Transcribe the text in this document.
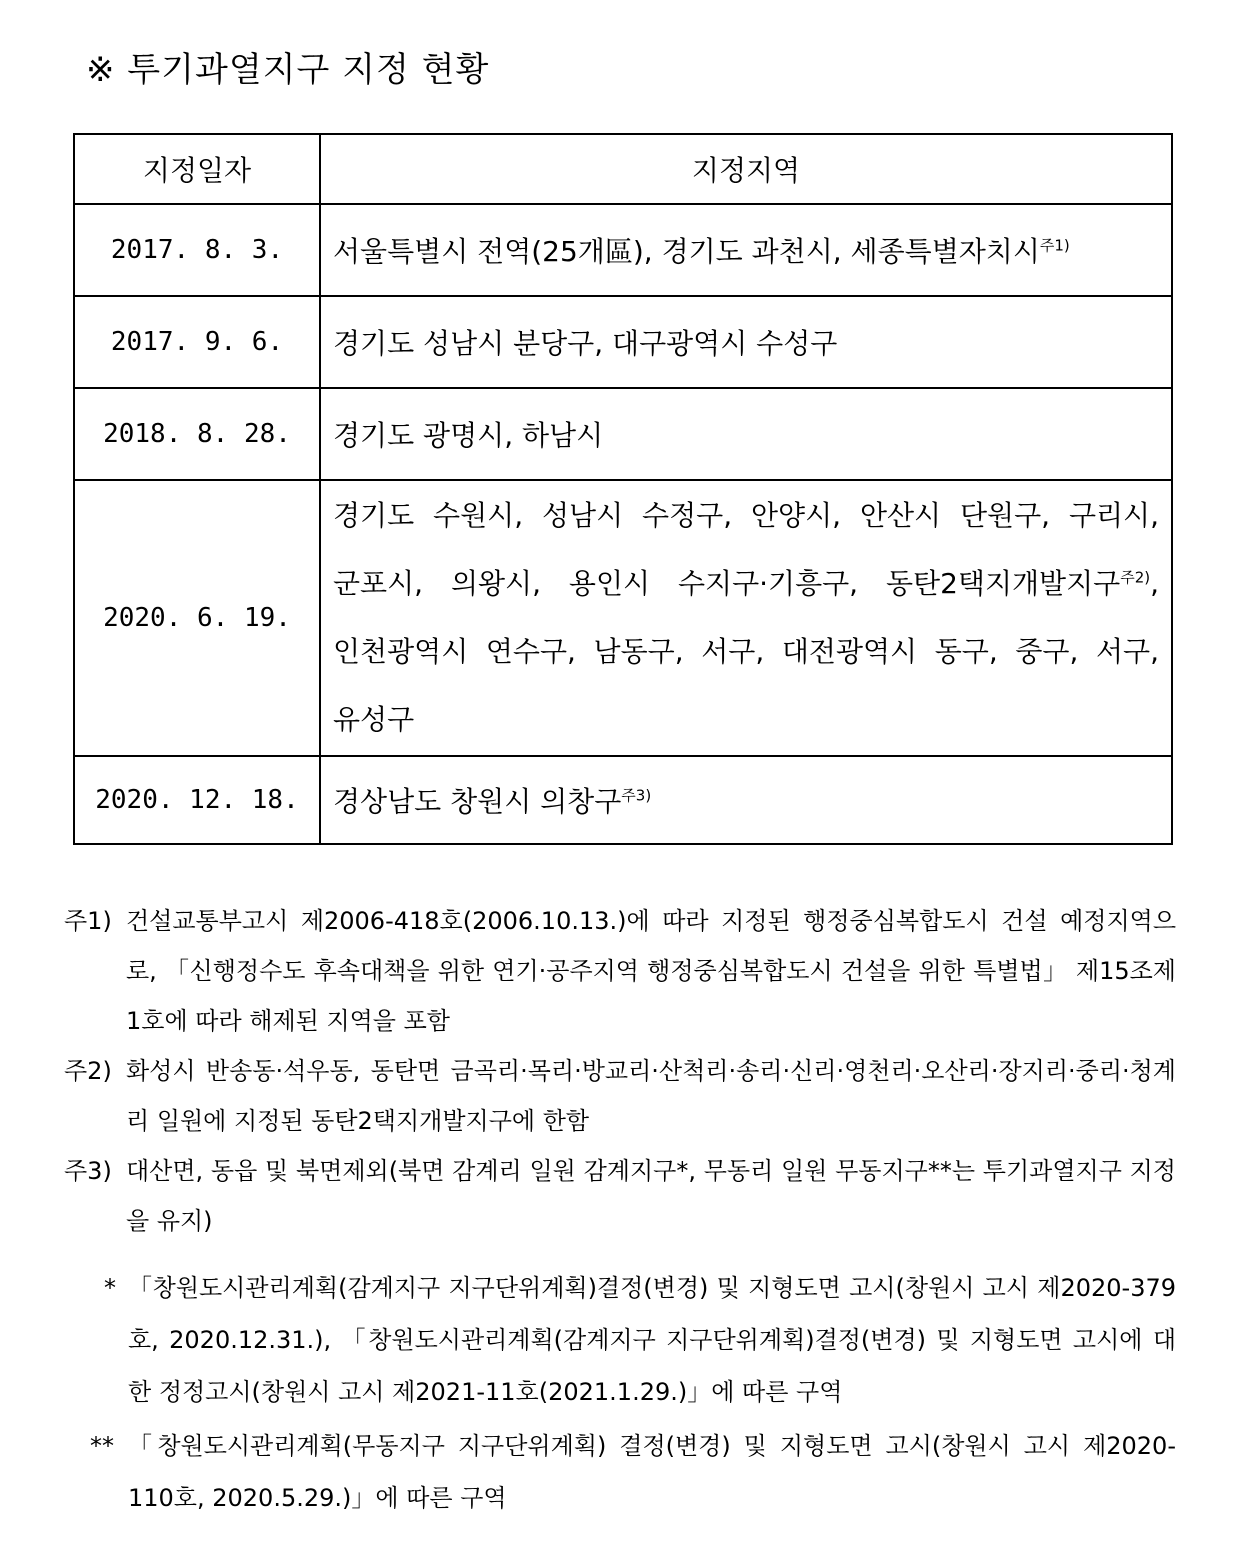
※ 투기과열지구 지정 현황
지정일자	지정지역
2017. 8. 3.	서울특별시 전역(25개區), 경기도 과천시, 세종특별자치시$^{주1)}$
2017. 9. 6.	경기도 성남시 분당구, 대구광역시 수성구
2018. 8. 28.	경기도 광명시, 하남시
2020. 6. 19.	경기도 수원시, 성남시 수정구, 안양시, 안산시 단원구, 구리시,
군포시, 의왕시, 용인시 수지구·기흥구, 동탄2택지개발지구$^{주2)}$,
인천광역시 연수구, 남동구, 서구, 대전광역시 동구, 중구, 서구,
유성구

2020. 12. 18.	경상남도 창원시 의창구$^{주3)}$
주1) 건설교통부고시 제2006-418호(2006.10.13.)에 따라 지정된 행정중심복합도시 건설 예정지역으로, 「신행정수도 후속대책을 위한 연기·공주지역 행정중심복합도시 건설을 위한 특별법」 제15조제1호에 따라 해제된 지역을 포함
주2) 화성시 반송동·석우동, 동탄면 금곡리·목리·방교리·산척리·송리·신리·영천리·오산리·장지리·중리·청계리 일원에 지정된 동탄2택지개발지구에 한함
주3) 대산면, 동읍 및 북면제외(북면 감계리 일원 감계지구*, 무동리 일원 무동지구**는 투기과열지구 지정을 유지)
* 「창원도시관리계획(감계지구 지구단위계획)결정(변경) 및 지형도면 고시(창원시 고시 제2020-379호, 2020.12.31.), 「창원도시관리계획(감계지구 지구단위계획)결정(변경) 및 지형도면 고시에 대한 정정고시(창원시 고시 제2021-11호(2021.1.29.)」에 따른 구역
** 「창원도시관리계획(무동지구 지구단위계획) 결정(변경) 및 지형도면 고시(창원시 고시 제2020-110호, 2020.5.29.)」에 따른 구역
